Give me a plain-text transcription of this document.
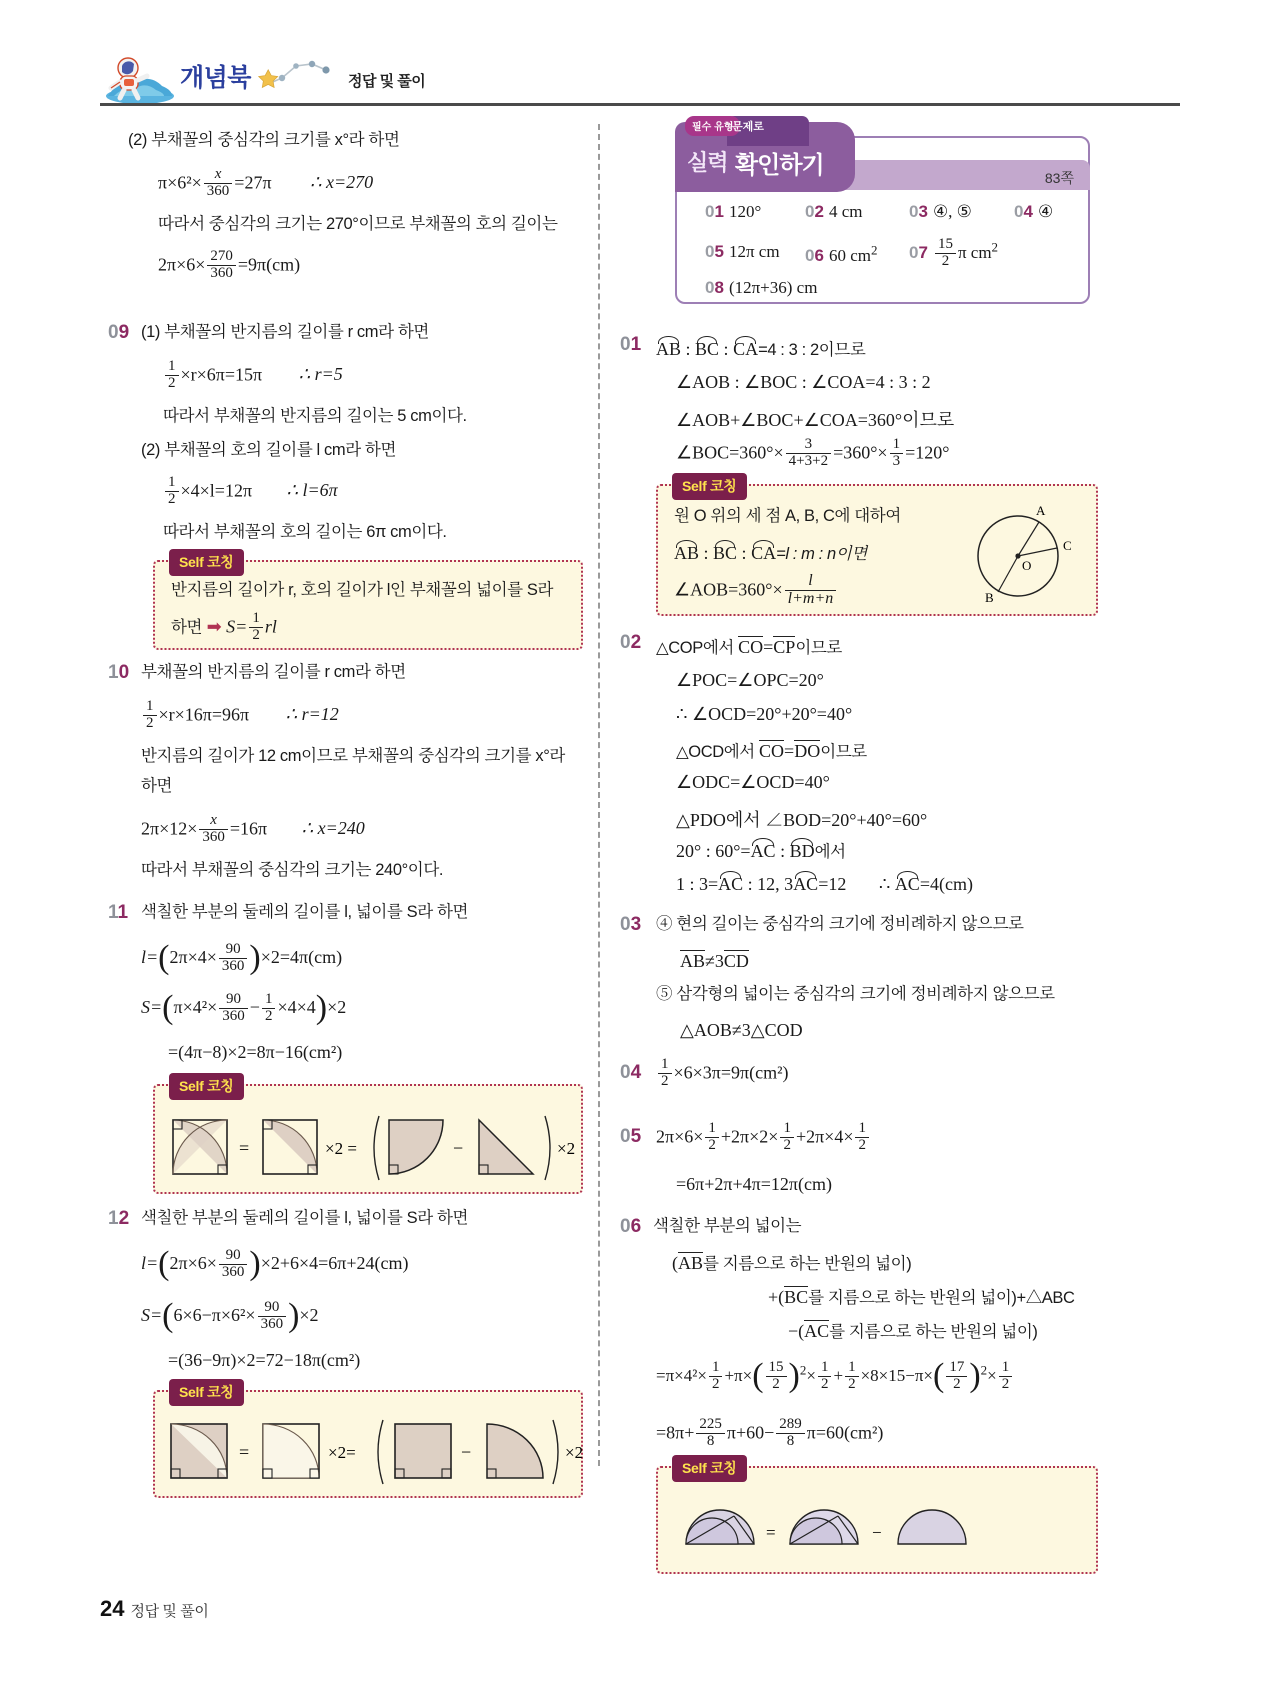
개념북	정답 및 풀이
(2) 부채꼴의 중심각의 크기를 x°라 하면
$\pi\times 6^2\times \frac{x}{360} =27\pi$ ∴ x=270
따라서 중심각의 크기는 270°이므로 부채꼴의 호의 길이는
$2\pi\times 6\times \frac{270}{360} =9\pi(cm)$
09 (1) 부채꼴의 반지름의 길이를 r cm라 하면
$\frac{1}{2} \times r\times 6\pi=15\pi$ ∴ r=5
따라서 부채꼴의 반지름의 길이는 5 cm이다.
(2) 부채꼴의 호의 길이를 l cm라 하면
$\frac{1}{2} \times 4\times l=12\pi$ ∴ l=6π
따라서 부채꼴의 호의 길이는 6π cm이다.
Self 코칭
반지름의 길이가 r, 호의 길이가 l인 부채꼴의 넓이를 S라
하면 ➡ $S= \frac{1}{2}$ rl
10 부채꼴의 반지름의 길이를 r cm라 하면
$\frac{1}{2} \times r\times 16\pi=96\pi$ ∴ r=12
반지름의 길이가 12 cm이므로 부채꼴의 중심각의 크기를 x°라
하면
$2\pi\times 12\times \frac{x}{360} =16\pi$ ∴ x=240
따라서 부채꼴의 중심각의 크기는 240°이다.
11 색칠한 부분의 둘레의 길이를 l, 넓이를 S라 하면
$l=(2\pi\times 4\times \frac{90}{360} )\times 2=4\pi(cm)$
$S=(\pi\times 4^2\times \frac{90}{360} - \frac{1}{2} \times 4\times 4)\times 2$
=(4π−8)×2=8π−16(cm²)
Self 코칭
=	×2 =	−	×2
12 색칠한 부분의 둘레의 길이를 l, 넓이를 S라 하면
$l=(2\pi\times 6\times \frac{90}{360} )\times 2+6\times 4=6\pi+24(cm)$
$S=(6\times 6-\pi\times 6^2\times \frac{90}{360} )\times 2$
=(36−9π)×2=72−18π(cm²)
Self 코칭
=	×2=	−	×2
필수 유형
문제로
실력 확인하기	83쪽
01 120°	02 4 cm	03 ④, ⑤ 04 ④
05 12π cm 06 60 $cm^2$ $07 \frac{15}{2}$ π $cm^2$
08 (12π+36) cm
01 AB : BC : CA=4 : 3 : 2이므로
∠AOB : ∠BOC : ∠COA=4 : 3 : 2
∠AOB+∠BOC+∠COA=360°이므로
∠BOC=360°× $\frac{3}{4+3+2} =360^\circ\times \frac{1}{3} =120^\circ$
Self 코칭
원 O 위의 세 점 A, B, C에 대하여
AB : BC : CA=l : m : n이면
∠AOB=360°× $\frac{l}{l+m+n}$
A
C
B
O
02 △COP에서 CO=CP이므로
∠POC=∠OPC=20°
∴ ∠OCD=20°+20°=40°
△OCD에서 CO=DO이므로
∠ODC=∠OCD=40°
△PDO에서 ∠BOD=20°+40°=60°
20° : 60°=AC : BD에서
1 : 3=AC : 12, 3AC=12 ∴ AC=4(cm)
03 ④ 현의 길이는 중심각의 크기에 정비례하지 않으므로
AB≠3CD
⑤ 삼각형의 넓이는 중심각의 크기에 정비례하지 않으므로
△AOB≠3△COD
$04 \frac{1}{2} \times 6\times 3\pi=9\pi(cm^2)$
05 $2\pi\times 6\times \frac{1}{2} +2\pi\times 2\times \frac{1}{2} +2\pi\times 4\times \frac{1}{2}$
=6π+2π+4π=12π(cm)
06 색칠한 부분의 넓이는
(AB를 지름으로 하는 반원의 넓이)
+(BC를 지름으로 하는 반원의 넓이)+△ABC
−(AC를 지름으로 하는 반원의 넓이)
$=\pi\times 4^2\times \frac{1}{2} +\pi\times( \frac{15}{2} )^2\times \frac{1}{2} + \frac{1}{2} \times 8\times 15-\pi\times( \frac{17}{2} )^2\times \frac{1}{2}$
$=8\pi+ \frac{225}{8} \pi+60- \frac{289}{8} \pi=60(cm^2)$
Self 코칭
=	−
24 정답 및 풀이
